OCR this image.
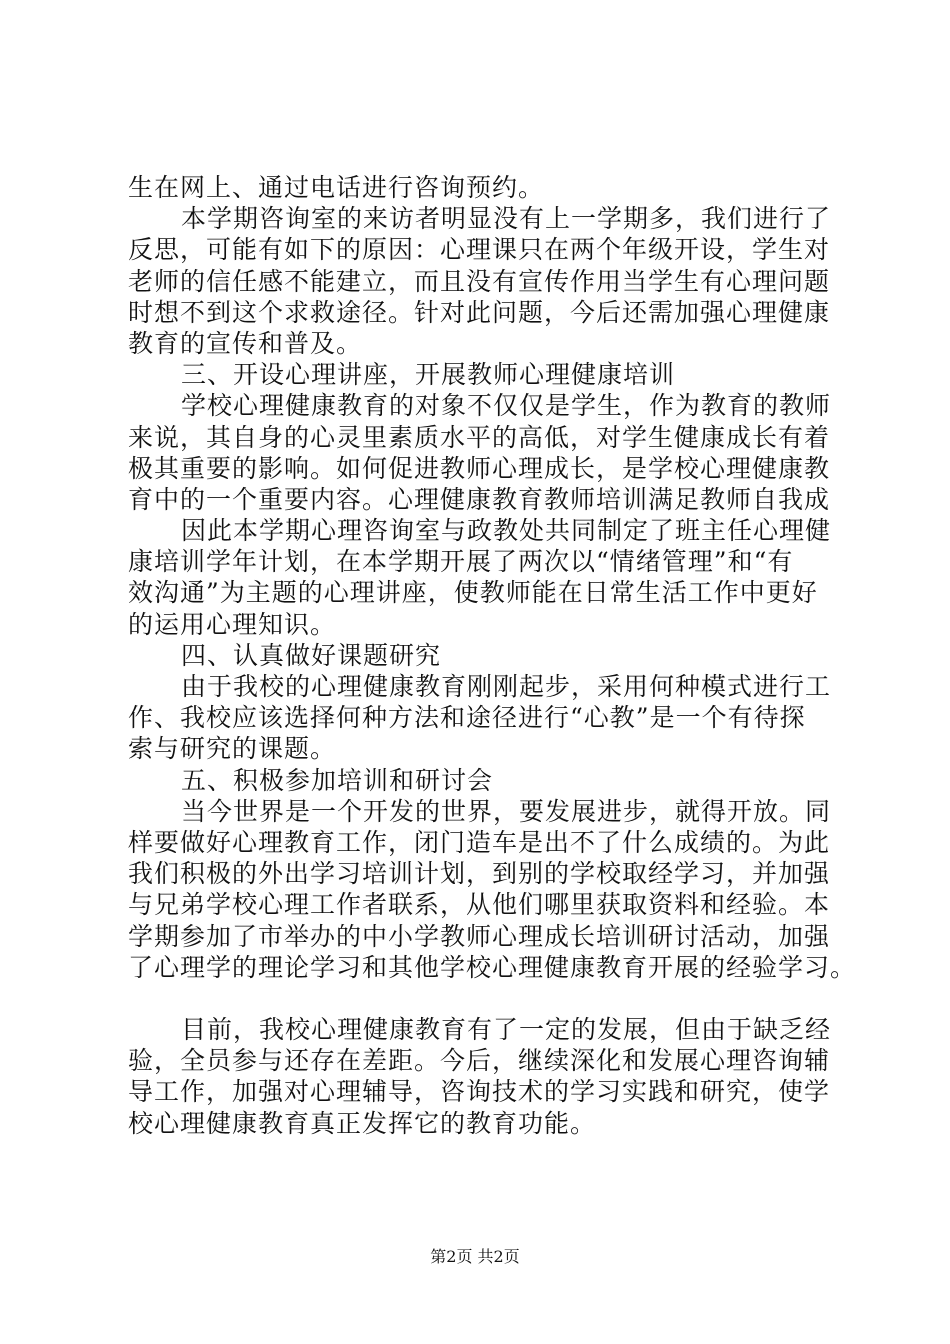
生在网上、通过电话进行咨询预约。

本学期咨询室的来访者明显没有上一学期多，我们进行了

反思，可能有如下的原因：心理课只在两个年级开设，学生对

老师的信任感不能建立，而且没有宣传作用当学生有心理问题

时想不到这个求救途径。针对此问题，今后还需加强心理健康

教育的宣传和普及。

三、开设心理讲座，开展教师心理健康培训

学校心理健康教育的对象不仅仅是学生，作为教育的教师

来说，其自身的心灵里素质水平的高低，对学生健康成长有着

极其重要的影响。如何促进教师心理成长，是学校心理健康教

育中的一个重要内容。心理健康教育教师培训满足教师自我成

因此本学期心理咨询室与政教处共同制定了班主任心理健

康培训学年计划，在本学期开展了两次以“情绪管理”和“有

效沟通”为主题的心理讲座，使教师能在日常生活工作中更好

的运用心理知识。

四、认真做好课题研究

由于我校的心理健康教育刚刚起步，采用何种模式进行工

作、我校应该选择何种方法和途径进行“心教”是一个有待探

索与研究的课题。

五、积极参加培训和研讨会

当今世界是一个开发的世界，要发展进步，就得开放。同

样要做好心理教育工作，闭门造车是出不了什么成绩的。为此

我们积极的外出学习培训计划，到别的学校取经学习，并加强

与兄弟学校心理工作者联系，从他们哪里获取资料和经验。本

学期参加了市举办的中小学教师心理成长培训研讨活动，加强

了心理学的理论学习和其他学校心理健康教育开展的经验学习。

目前，我校心理健康教育有了一定的发展，但由于缺乏经

验，全员参与还存在差距。今后，继续深化和发展心理咨询辅

导工作，加强对心理辅导，咨询技术的学习实践和研究，使学

校心理健康教育真正发挥它的教育功能。

第2页 共2页
